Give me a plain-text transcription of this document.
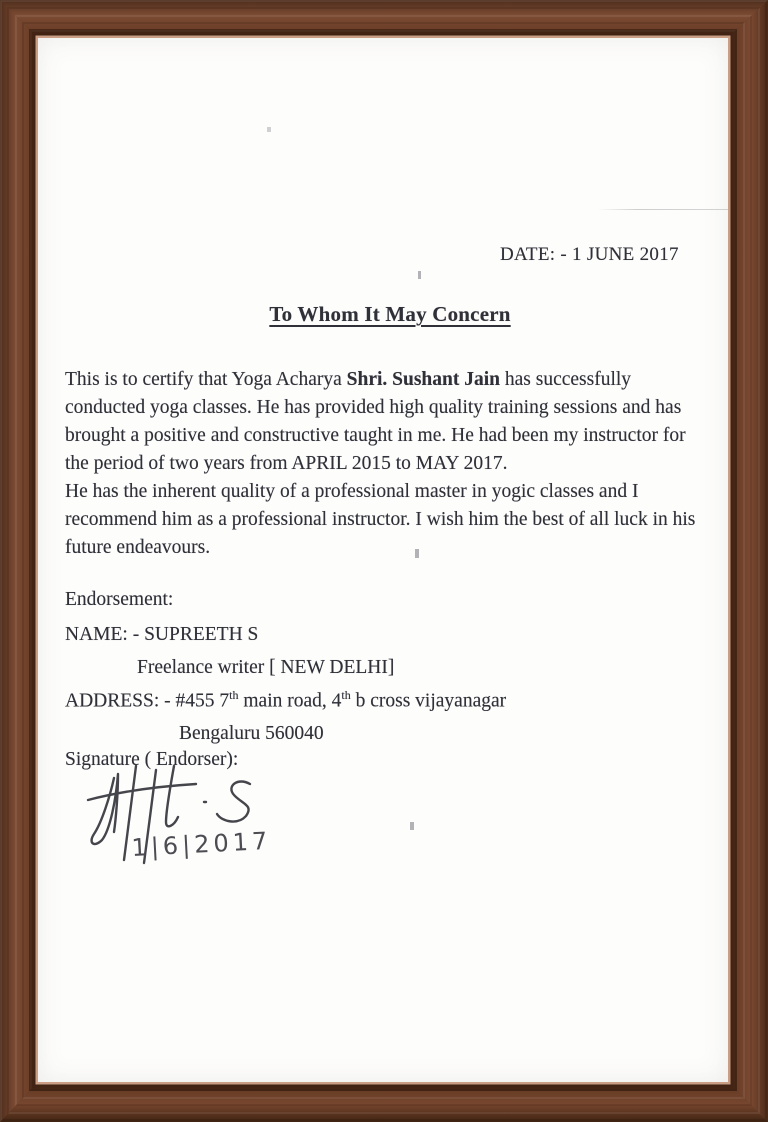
DATE: - 1 JUNE 2017
To Whom It May Concern
This is to certify that Yoga Acharya Shri. Sushant Jain has successfully
conducted yoga classes. He has provided high quality training sessions and has
brought a positive and constructive taught in me. He had been my instructor for
the period of two years from APRIL 2015 to MAY 2017.
He has the inherent quality of a professional master in yogic classes and I
recommend him as a professional instructor. I wish him the best of all luck in his
future endeavours.
Endorsement:
NAME: - SUPREETH S
Freelance writer [ NEW DELHI]
ADDRESS: - #455 7th main road, 4th b cross vijayanagar
Bengaluru 560040
Signature ( Endorser):
1|6|2017
